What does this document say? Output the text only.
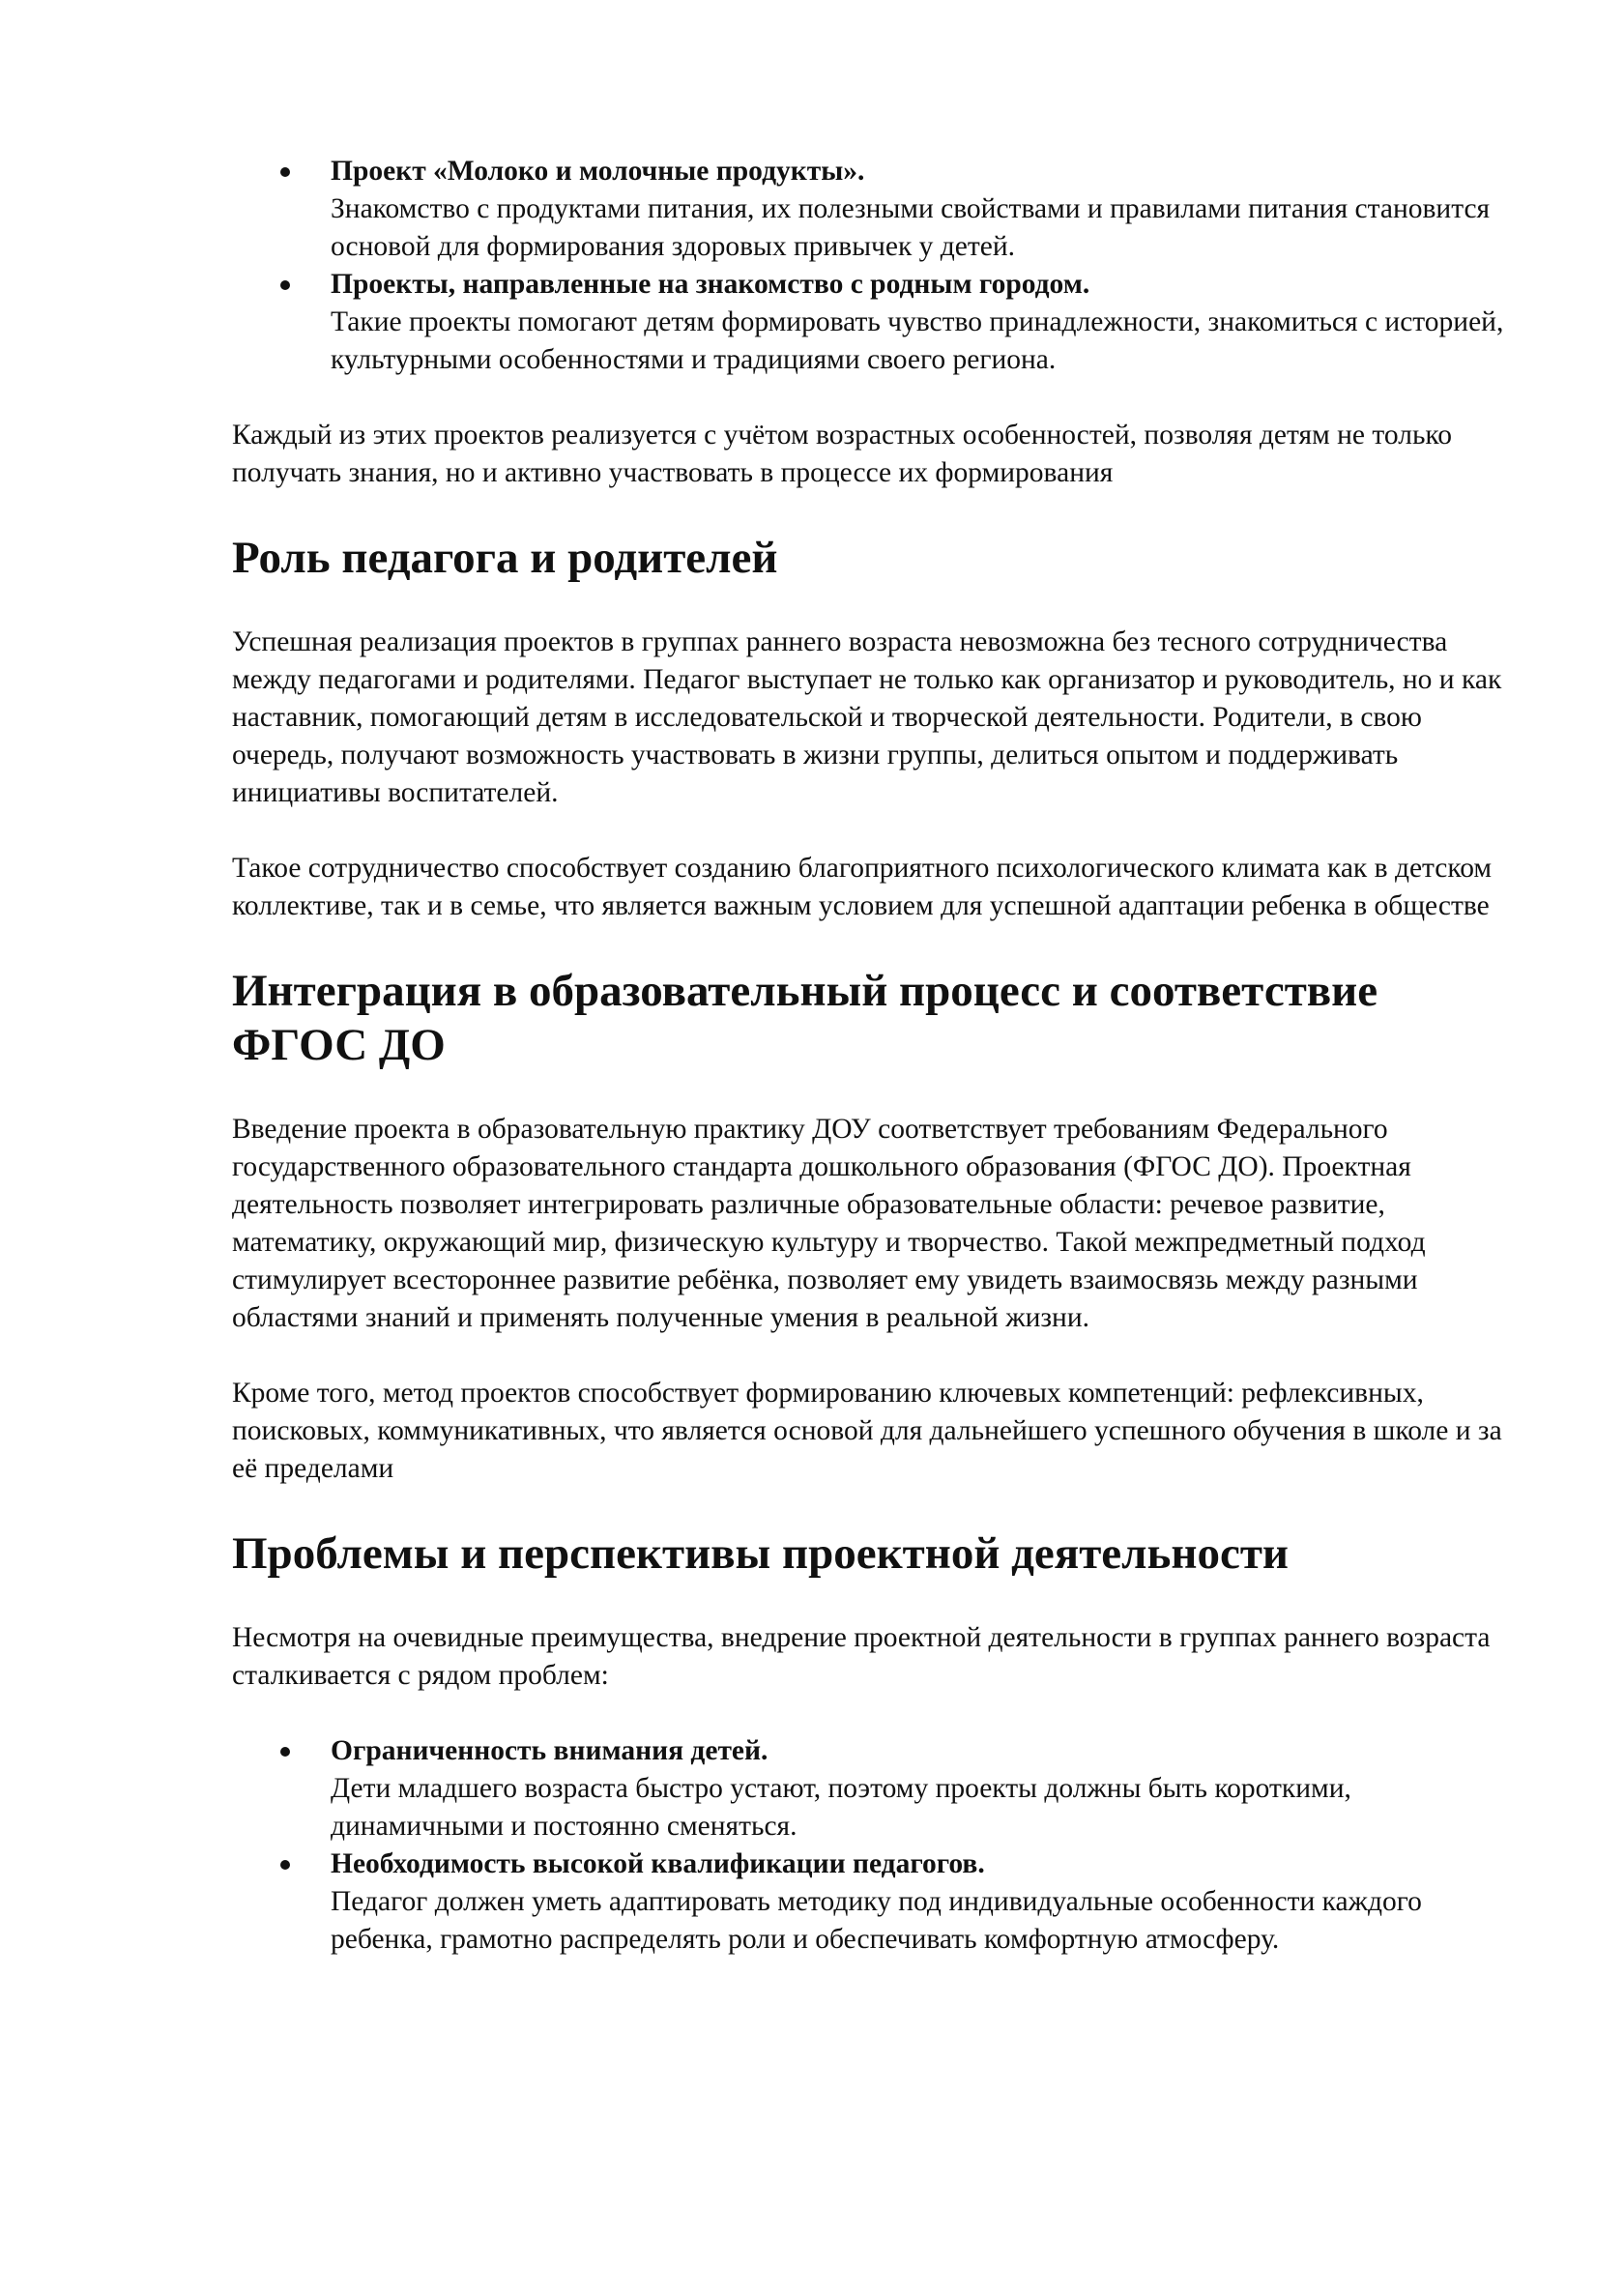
Проект «Молоко и молочные продукты».
Знакомство с продуктами питания, их полезными свойствами и правилами питания становится основой для формирования здоровых привычек у детей.
Проекты, направленные на знакомство с родным городом.
Такие проекты помогают детям формировать чувство принадлежности, знакомиться с историей, культурными особенностями и традициями своего региона.

Каждый из этих проектов реализуется с учётом возрастных особенностей, позволяя детям не только получать знания, но и активно участвовать в процессе их формирования

Роль педагога и родителей

Успешная реализация проектов в группах раннего возраста невозможна без тесного сотрудничества между педагогами и родителями. Педагог выступает не только как организатор и руководитель, но и как наставник, помогающий детям в исследовательской и творческой деятельности. Родители, в свою очередь, получают возможность участвовать в жизни группы, делиться опытом и поддерживать инициативы воспитателей.

Такое сотрудничество способствует созданию благоприятного психологического климата как в детском коллективе, так и в семье, что является важным условием для успешной адаптации ребенка в обществе

Интеграция в образовательный процесс и соответствие ФГОС ДО

Введение проекта в образовательную практику ДОУ соответствует требованиям Федерального государственного образовательного стандарта дошкольного образования (ФГОС ДО). Проектная деятельность позволяет интегрировать различные образовательные области: речевое развитие, математику, окружающий мир, физическую культуру и творчество. Такой межпредметный подход стимулирует всестороннее развитие ребёнка, позволяет ему увидеть взаимосвязь между разными областями знаний и применять полученные умения в реальной жизни.

Кроме того, метод проектов способствует формированию ключевых компетенций: рефлексивных, поисковых, коммуникативных, что является основой для дальнейшего успешного обучения в школе и за её пределами

Проблемы и перспективы проектной деятельности

Несмотря на очевидные преимущества, внедрение проектной деятельности в группах раннего возраста сталкивается с рядом проблем:

Ограниченность внимания детей.
Дети младшего возраста быстро устают, поэтому проекты должны быть короткими, динамичными и постоянно сменяться.
Необходимость высокой квалификации педагогов.
Педагог должен уметь адаптировать методику под индивидуальные особенности каждого ребенка, грамотно распределять роли и обеспечивать комфортную атмосферу.
